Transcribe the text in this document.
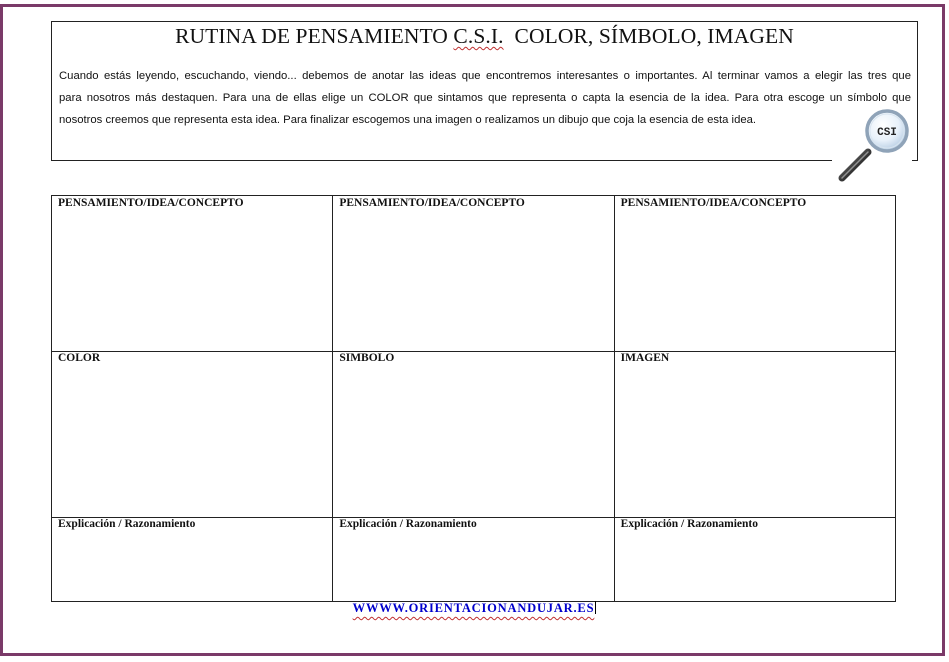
RUTINA DE PENSAMIENTO C.S.I.  COLOR, SÍMBOLO, IMAGEN

Cuando estás leyendo, escuchando, viendo... debemos de anotar las ideas que encontremos interesantes o importantes. Al terminar vamos a elegir las tres que
para nosotros más destaquen. Para una de ellas elige un COLOR que sintamos que representa o capta la esencia de la idea. Para otra escoge un símbolo que
nosotros creemos que representa esta idea. Para finalizar escogemos una imagen o realizamos un dibujo que coja la esencia de esta idea.

CSI
PENSAMIENTO/IDEA/CONCEPTO	PENSAMIENTO/IDEA/CONCEPTO	PENSAMIENTO/IDEA/CONCEPTO
COLOR	SIMBOLO	IMAGEN
Explicación / Razonamiento	Explicación / Razonamiento	Explicación / Razonamiento
WWWW.ORIENTACIONANDUJAR.ES
